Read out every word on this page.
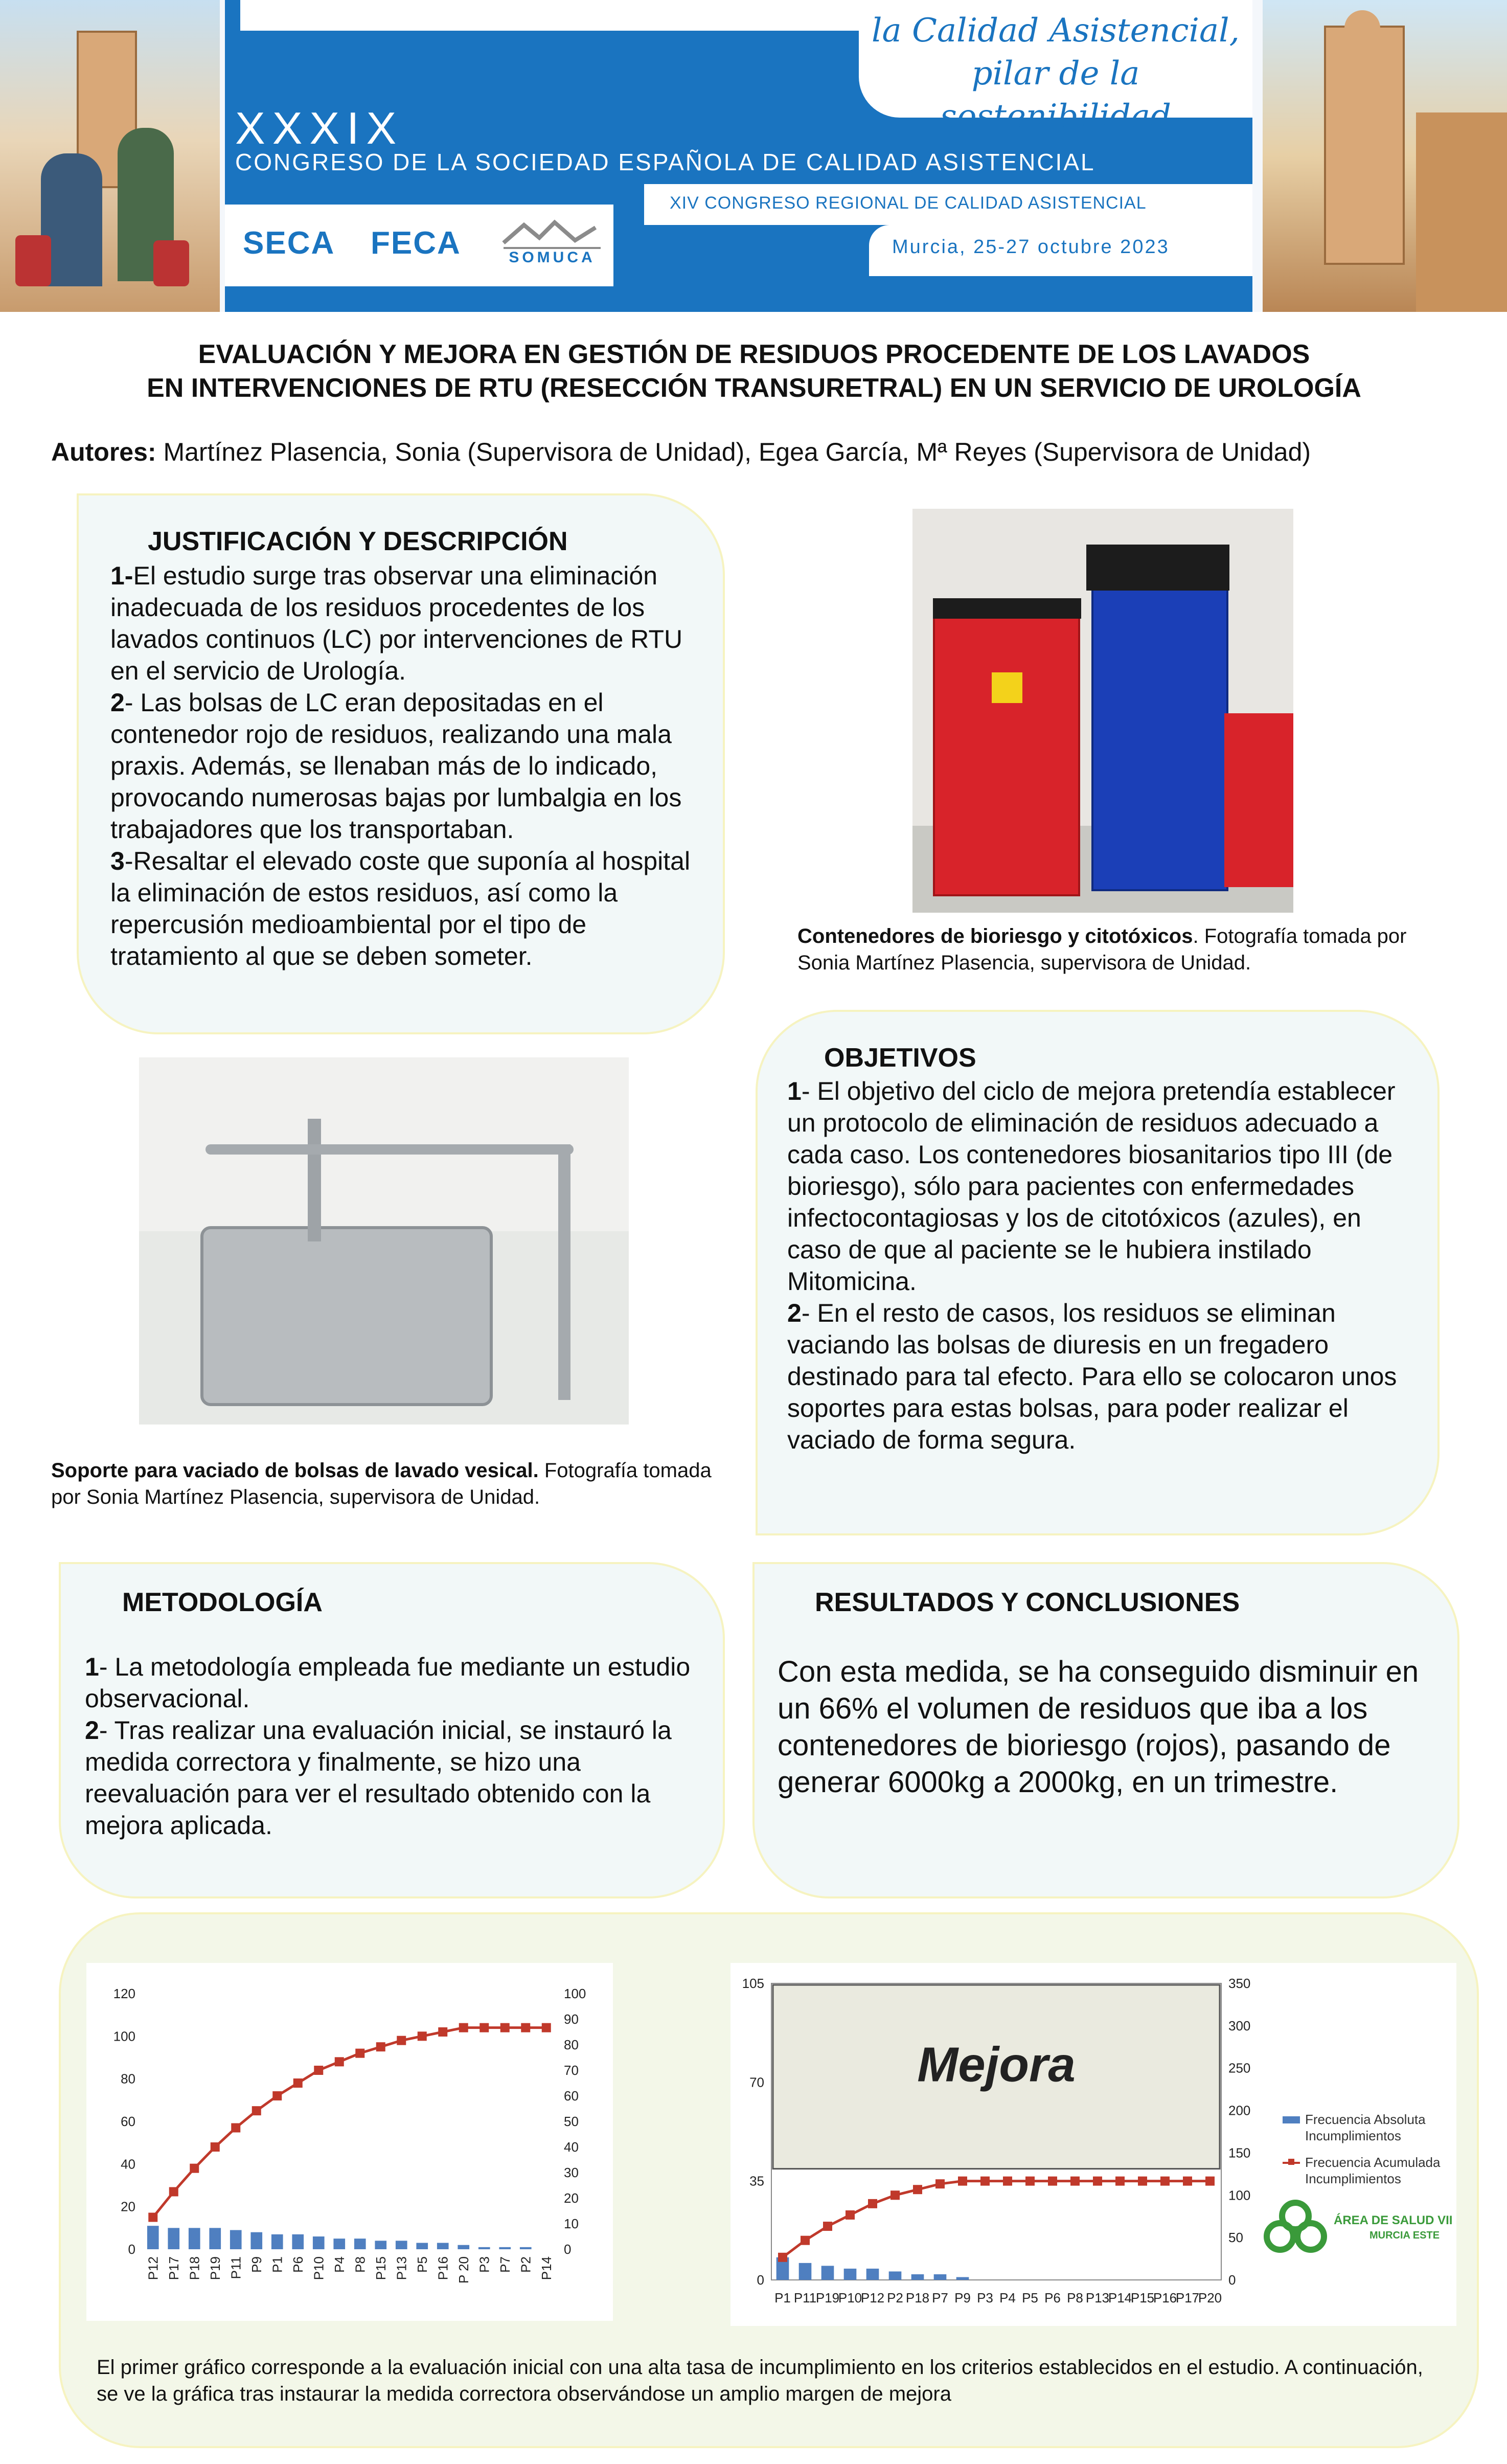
la Calidad Asistencial,
pilar de la sostenibilidad
XXXIX
CONGRESO DE LA SOCIEDAD ESPAÑOLA DE CALIDAD ASISTENCIAL
XIV CONGRESO REGIONAL DE CALIDAD ASISTENCIAL
SECA FECA	SOMUCA	Murcia, 25-27 octubre 2023
EVALUACIÓN Y MEJORA EN GESTIÓN DE RESIDUOS PROCEDENTE DE LOS LAVADOS
EN INTERVENCIONES DE RTU (RESECCIÓN TRANSURETRAL) EN UN SERVICIO DE UROLOGÍA
Autores: Martínez Plasencia, Sonia (Supervisora de Unidad), Egea García, Mª Reyes (Supervisora de Unidad)
JUSTIFICACIÓN Y DESCRIPCIÓN
1-El estudio surge tras observar una eliminación inadecuada de los residuos procedentes de los lavados continuos (LC) por intervenciones de RTU en el servicio de Urología.
2- Las bolsas de LC eran depositadas en el contenedor rojo de residuos, realizando una mala praxis. Además, se llenaban más de lo indicado, provocando numerosas bajas por lumbalgia en los trabajadores que los transportaban.
3-Resaltar el elevado coste que suponía al hospital la eliminación de estos residuos, así como la repercusión medioambiental por el tipo de tratamiento al que se deben someter.
Contenedores de bioriesgo y citotóxicos. Fotografía tomada por Sonia Martínez Plasencia, supervisora de Unidad.
Soporte para vaciado de bolsas de lavado vesical. Fotografía tomada por Sonia Martínez Plasencia, supervisora de Unidad.
OBJETIVOS
1- El objetivo del ciclo de mejora pretendía establecer un protocolo de eliminación de residuos adecuado a cada caso. Los contenedores biosanitarios tipo III (de bioriesgo), sólo para pacientes con enfermedades infectocontagiosas y los de citotóxicos (azules), en caso de que al paciente se le hubiera instilado Mitomicina.
2- En el resto de casos, los residuos se eliminan vaciando las bolsas de diuresis en un fregadero destinado para tal efecto. Para ello se colocaron unos soportes para estas bolsas, para poder realizar el vaciado de forma segura.
METODOLOGÍA
1- La metodología empleada fue mediante un estudio observacional.
2- Tras realizar una evaluación inicial, se instauró la medida correctora y finalmente, se hizo una reevaluación para ver el resultado obtenido con la mejora aplicada.
RESULTADOS Y CONCLUSIONES
Con esta medida, se ha conseguido disminuir en un 66% el volumen de residuos que iba a los contenedores de bioriesgo (rojos), pasando de generar 6000kg a 2000kg, en un trimestre.
0
20
40
60
80
100
120
0
10
20
30
40
50
60
70
80
90
100
P12 P17 P18 P19 P11 P9 P1 P6 P10 P4 P8 P15 P13 P5 P16 P 20 P3 P7 P2 P14	0
35
70
105
0
50
100
150
200
250
300
350
Mejora
P1 P11
P19
P10
P12 P2 P18 P7 P9 P3 P4 P5 P6 P8 P13
P14
P15
P16
P17
P20
Frecuencia Absoluta Incumplimientos
Frecuencia Acumulada Incumplimientos
ÁREA DE SALUD VII
MURCIA ESTE
El primer gráfico corresponde a la evaluación inicial con una alta tasa de incumplimiento en los criterios establecidos en el estudio. A continuación, se ve la gráfica tras instaurar la medida correctora observándose un amplio margen de mejora
